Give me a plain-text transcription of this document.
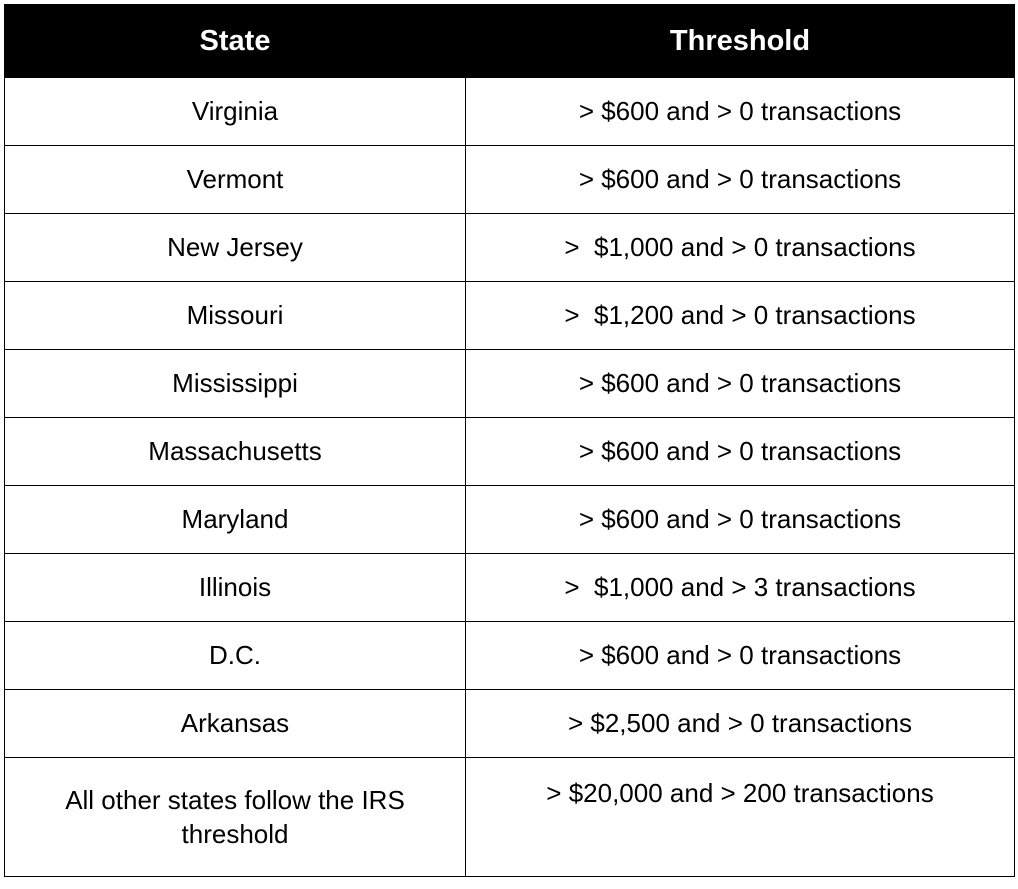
State	Threshold
Virginia	> $600 and > 0 transactions
Vermont	> $600 and > 0 transactions
New Jersey	>  $1,000 and > 0 transactions
Missouri	>  $1,200 and > 0 transactions
Mississippi	> $600 and > 0 transactions
Massachusetts	> $600 and > 0 transactions
Maryland	> $600 and > 0 transactions
Illinois	>  $1,000 and > 3 transactions
D.C.	> $600 and > 0 transactions
Arkansas	> $2,500 and > 0 transactions
All other states follow the IRS threshold	> $20,000 and > 200 transactions
